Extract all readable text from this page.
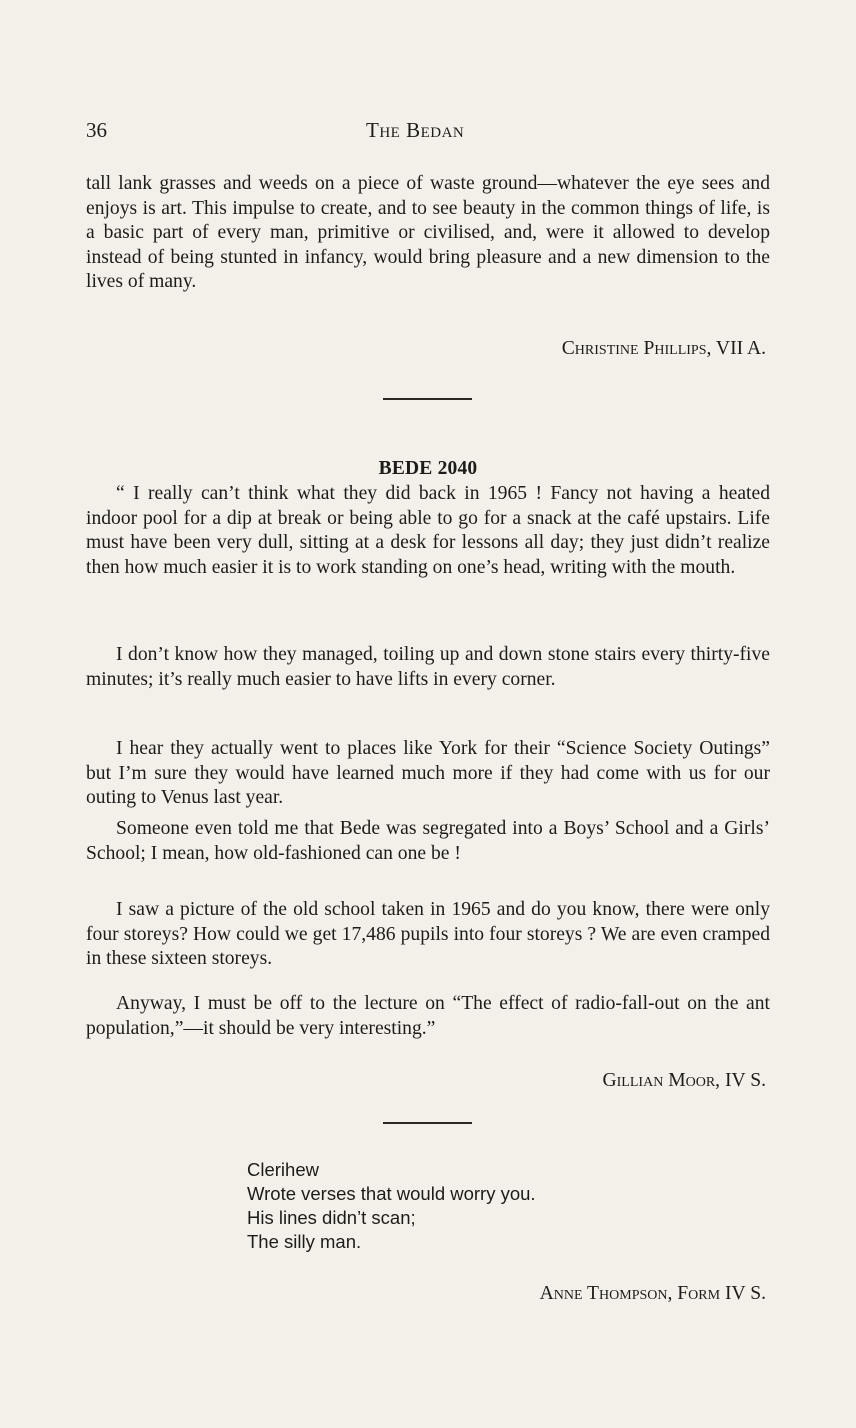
36	The Bedan

tall lank grasses and weeds on a piece of waste ground—whatever the eye sees and enjoys is art. This impulse to create, and to see beauty in the common things of life, is a basic part of every man, primitive or civilised, and, were it allowed to develop instead of being stunted in infancy, would bring pleasure and a new dimension to the lives of many.

Christine Phillips, VII A.
BEDE 2040

“ I really can’t think what they did back in 1965 ! Fancy not having a heated indoor pool for a dip at break or being able to go for a snack at the café upstairs. Life must have been very dull, sitting at a desk for lessons all day; they just didn’t realize then how much easier it is to work standing on one’s head, writing with the mouth.

I don’t know how they managed, toiling up and down stone stairs every thirty-five minutes; it’s really much easier to have lifts in every corner.

I hear they actually went to places like York for their “Science Society Outings” but I’m sure they would have learned much more if they had come with us for our outing to Venus last year.

Someone even told me that Bede was segregated into a Boys’ School and a Girls’ School; I mean, how old-fashioned can one be !

I saw a picture of the old school taken in 1965 and do you know, there were only four storeys? How could we get 17,486 pupils into four storeys ? We are even cramped in these sixteen storeys.

Anyway, I must be off to the lecture on “The effect of radio-fall-out on the ant population,”—it should be very interesting.”

Gillian Moor, IV S.
Clerihew
Wrote verses that would worry you.
His lines didn’t scan;
The silly man.
Anne Thompson, Form IV S.
